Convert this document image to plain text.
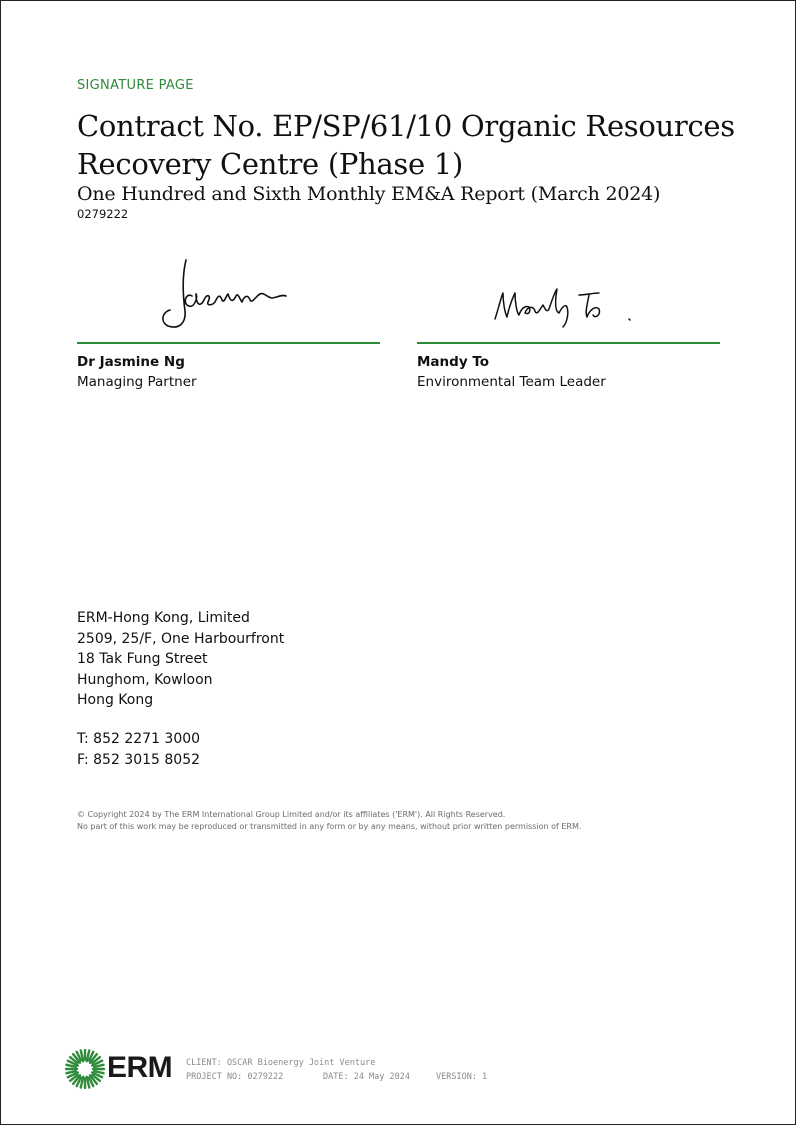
SIGNATURE PAGE
Contract No. EP/SP/61/10 Organic Resources Recovery Centre (Phase 1)
One Hundred and Sixth Monthly EM&A Report (March 2024)
0279222
Dr Jasmine Ng
Managing Partner
Mandy To
Environmental Team Leader
ERM-Hong Kong, Limited
2509, 25/F, One Harbourfront
18 Tak Fung Street
Hunghom, Kowloon
Hong Kong
T: 852 2271 3000
F: 852 3015 8052
© Copyright 2024 by The ERM International Group Limited and/or its affiliates ('ERM'). All Rights Reserved.
No part of this work may be reproduced or transmitted in any form or by any means, without prior written permission of ERM.
ERM CLIENT: OSCAR Bioenergy Joint Venture
PROJECT NO: 0279222	DATE: 24 May 2024	VERSION: 1
